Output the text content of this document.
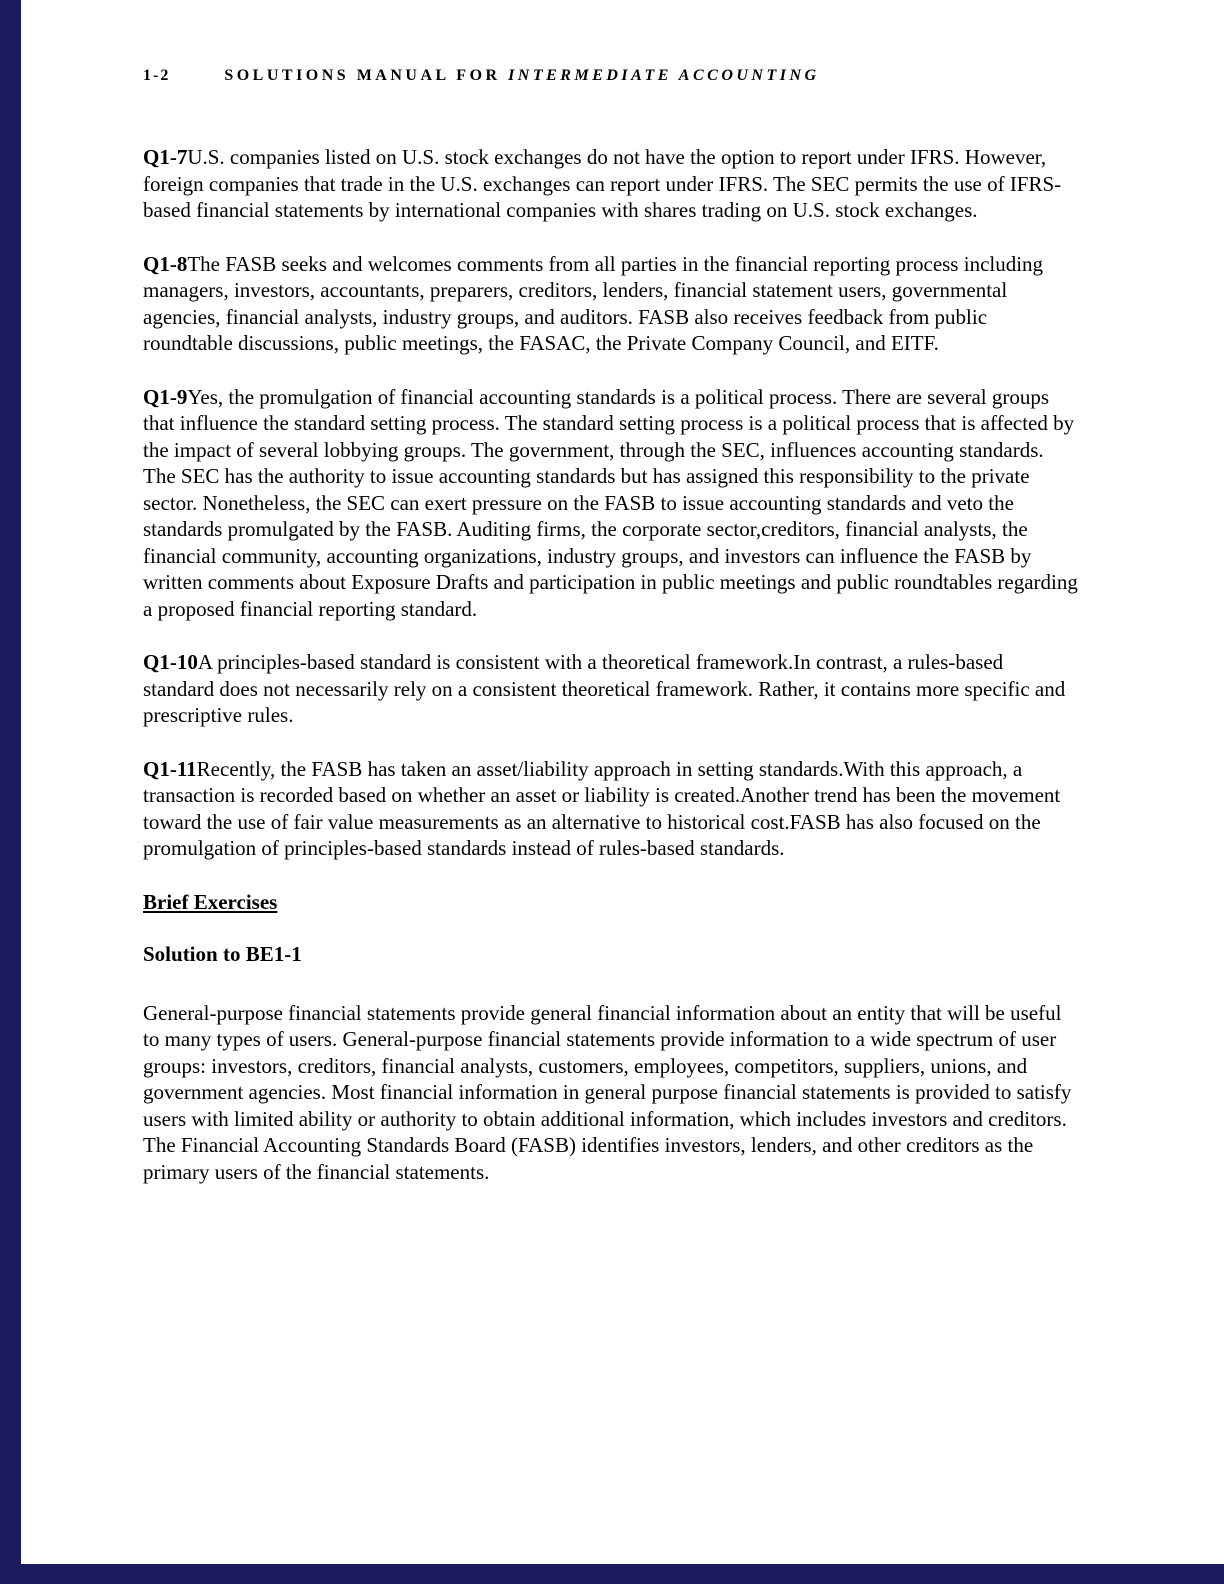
1-2	SOLUTIONS MANUAL FOR INTERMEDIATE ACCOUNTING

Q1-7U.S. companies listed on U.S. stock exchanges do not have the option to report under IFRS. However, foreign companies that trade in the U.S. exchanges can report under IFRS. The SEC permits the use of IFRS-based financial statements by international companies with shares trading on U.S. stock exchanges.

Q1-8The FASB seeks and welcomes comments from all parties in the financial reporting process including managers, investors, accountants, preparers, creditors, lenders, financial statement users, governmental agencies, financial analysts, industry groups, and auditors. FASB also receives feedback from public roundtable discussions, public meetings, the FASAC, the Private Company Council, and EITF.

Q1-9Yes, the promulgation of financial accounting standards is a political process. There are several groups that influence the standard setting process. The standard setting process is a political process that is affected by the impact of several lobbying groups. The government, through the SEC, influences accounting standards. The SEC has the authority to issue accounting standards but has assigned this responsibility to the private sector. Nonetheless, the SEC can exert pressure on the FASB to issue accounting standards and veto the standards promulgated by the FASB. Auditing firms, the corporate sector,creditors, financial analysts, the financial community, accounting organizations, industry groups, and investors can influence the FASB by written comments about Exposure Drafts and participation in public meetings and public roundtables regarding a proposed financial reporting standard.

Q1-10A principles-based standard is consistent with a theoretical framework.In contrast, a rules-based standard does not necessarily rely on a consistent theoretical framework. Rather, it contains more specific and prescriptive rules.

Q1-11Recently, the FASB has taken an asset/liability approach in setting standards.With this approach, a transaction is recorded based on whether an asset or liability is created.Another trend has been the movement toward the use of fair value measurements as an alternative to historical cost.FASB has also focused on the promulgation of principles-based standards instead of rules-based standards.

Brief Exercises
Solution to BE1-1

General-purpose financial statements provide general financial information about an entity that will be useful to many types of users. General-purpose financial statements provide information to a wide spectrum of user groups: investors, creditors, financial analysts, customers, employees, competitors, suppliers, unions, and government agencies. Most financial information in general purpose financial statements is provided to satisfy users with limited ability or authority to obtain additional information, which includes investors and creditors. The Financial Accounting Standards Board (FASB) identifies investors, lenders, and other creditors as the primary users of the financial statements.
